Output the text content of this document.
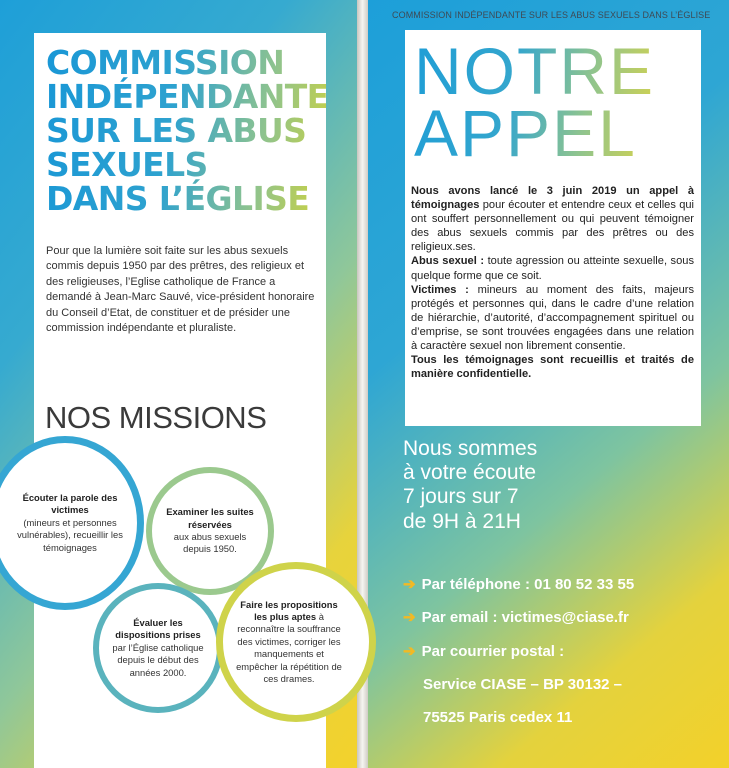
COMMISSION
INDÉPENDANTE
SUR LES ABUS
SEXUELS
DANS L’ÉGLISE
Pour que la lumière soit faite sur les abus sexuels commis depuis 1950 par des prêtres, des religieux et des religieuses, l’Eglise catholique de France a demandé à Jean-Marc Sauvé, vice-président honoraire du Conseil d’Etat, de constituer et de présider une commission indépendante et pluraliste.
NOS MISSIONS
Écouter la parole des victimes
(mineurs et personnes vulnérables), recueillir les témoignages
Examiner les suites réservées
aux abus sexuels depuis 1950.
Évaluer les dispositions prises
par l’Église catholique depuis le début des années 2000.
Faire les propositions les plus aptes à reconnaître la souffrance des victimes, corriger les manquements et empêcher la répétition de ces drames.
COMMISSION INDÉPENDANTE SUR LES ABUS SEXUELS DANS L’ÉGLISE
NOTRE
APPEL

Nous avons lancé le 3 juin 2019 un appel à témoignages pour écouter et entendre ceux et celles qui ont souffert personnellement ou qui peuvent témoigner des abus sexuels commis par des prêtres ou des religieux.ses.

Abus sexuel : toute agression ou atteinte sexuelle, sous quelque forme que ce soit.

Victimes : mineurs au moment des faits, majeurs protégés et personnes qui, dans le cadre d’une relation de hiérarchie, d’autorité, d’accompagnement spirituel ou d’emprise, se sont trouvées engagées dans une relation à caractère sexuel non librement consentie.

Tous les témoignages sont recueillis et traités de manière confidentielle.

Nous sommes
à votre écoute
7 jours sur 7
de 9H à 21H
➔ Par téléphone : 01 80 52 33 55
➔ Par email : victimes@ciase.fr
➔ Par courrier postal :
Service CIASE – BP 30132 –
75525 Paris cedex 11
